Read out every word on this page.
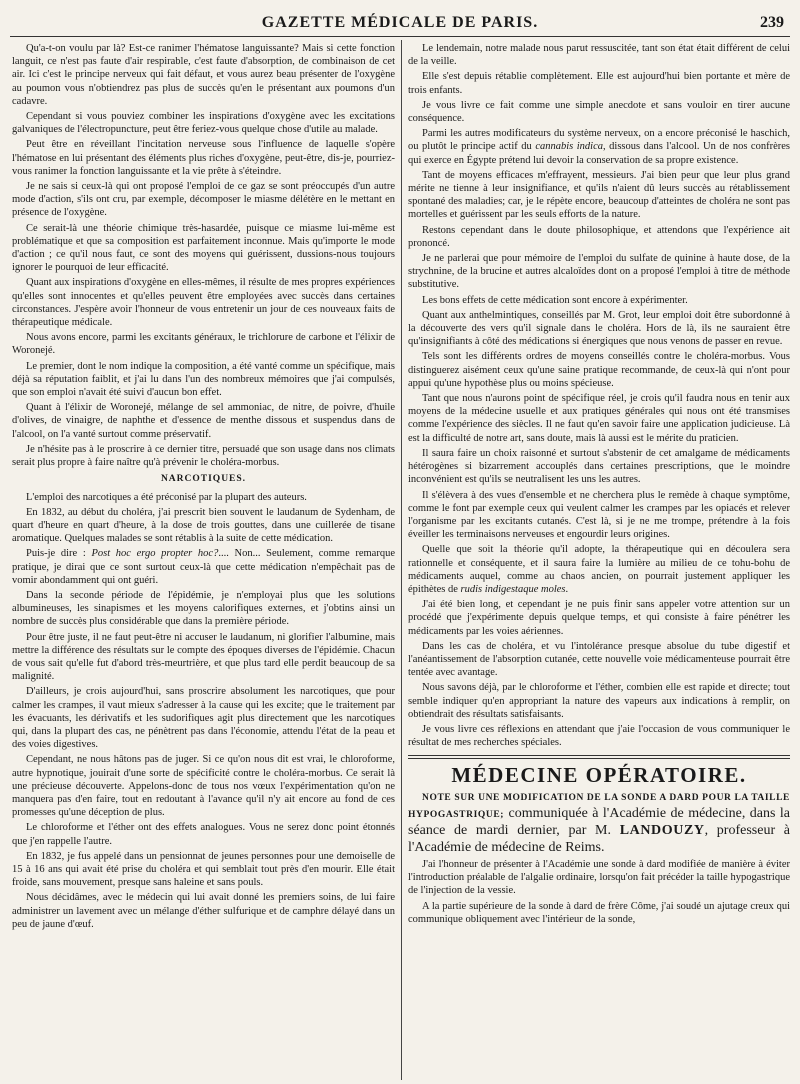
GAZETTE MÉDICALE DE PARIS.	239

Qu'a-t-on voulu par là? Est-ce ranimer l'hématose languissante? Mais si cette fonction languit, ce n'est pas faute d'air respirable, c'est faute d'absorption, de combinaison de cet air. Ici c'est le principe nerveux qui fait défaut, et vous aurez beau présenter de l'oxygène au poumon vous n'obtiendrez pas plus de succès qu'en le présentant aux poumons d'un cadavre.

Cependant si vous pouviez combiner les inspirations d'oxygène avec les excitations galvaniques de l'électropuncture, peut être feriez-vous quelque chose d'utile au malade.

Peut être en réveillant l'incitation nerveuse sous l'influence de laquelle s'opère l'hématose en lui présentant des éléments plus riches d'oxygène, peut-être, dis-je, pourriez-vous ranimer la fonction languissante et la vie prête à s'éteindre.

Je ne sais si ceux-là qui ont proposé l'emploi de ce gaz se sont préoccupés d'un autre mode d'action, s'ils ont cru, par exemple, décomposer le miasme délétère en le mettant en présence de l'oxygène.

Ce serait-là une théorie chimique très-hasardée, puisque ce miasme lui-même est problématique et que sa composition est parfaitement inconnue. Mais qu'importe le mode d'action ; ce qu'il nous faut, ce sont des moyens qui guérissent, dussions-nous toujours ignorer le pourquoi de leur efficacité.

Quant aux inspirations d'oxygène en elles-mêmes, il résulte de mes propres expériences qu'elles sont innocentes et qu'elles peuvent être employées avec succès dans certaines circonstances. J'espère avoir l'honneur de vous entretenir un jour de ces nouveaux faits de thérapeutique médicale.

Nous avons encore, parmi les excitants généraux, le trichlorure de carbone et l'élixir de Woronejé.

Le premier, dont le nom indique la composition, a été vanté comme un spécifique, mais déjà sa réputation faiblit, et j'ai lu dans l'un des nombreux mémoires que j'ai compulsés, que son emploi n'avait été suivi d'aucun bon effet.

Quant à l'élixir de Woronejé, mélange de sel ammoniac, de nitre, de poivre, d'huile d'olives, de vinaigre, de naphthe et d'essence de menthe dissous et suspendus dans de l'alcool, on l'a vanté surtout comme préservatif.

Je n'hésite pas à le proscrire à ce dernier titre, persuadé que son usage dans nos climats serait plus propre à faire naître qu'à prévenir le choléra-morbus.

NARCOTIQUES.

L'emploi des narcotiques a été préconisé par la plupart des auteurs.

En 1832, au début du choléra, j'ai prescrit bien souvent le laudanum de Sydenham, de quart d'heure en quart d'heure, à la dose de trois gouttes, dans une cuillerée de tisane aromatique. Quelques malades se sont rétablis à la suite de cette médication.

Puis-je dire : Post hoc ergo propter hoc?.... Non... Seulement, comme remarque pratique, je dirai que ce sont surtout ceux-là que cette médication n'empêchait pas de vomir abondamment qui ont guéri.

Dans la seconde période de l'épidémie, je n'employai plus que les solutions albumineuses, les sinapismes et les moyens calorifiques externes, et j'obtins ainsi un nombre de succès plus considérable que dans la première période.

Pour être juste, il ne faut peut-être ni accuser le laudanum, ni glorifier l'albumine, mais mettre la différence des résultats sur le compte des époques diverses de l'épidémie. Chacun de vous sait qu'elle fut d'abord très-meurtrière, et que plus tard elle perdit beaucoup de sa malignité.

D'ailleurs, je crois aujourd'hui, sans proscrire absolument les narcotiques, que pour calmer les crampes, il vaut mieux s'adresser à la cause qui les excite; que le traitement par les évacuants, les dérivatifs et les sudorifiques agit plus directement que les narcotiques qui, dans la plupart des cas, ne pénètrent pas dans l'économie, attendu l'état de la peau et des voies digestives.

Cependant, ne nous hâtons pas de juger. Si ce qu'on nous dit est vrai, le chloroforme, autre hypnotique, jouirait d'une sorte de spécificité contre le choléra-morbus. Ce serait là une précieuse découverte. Appelons-donc de tous nos vœux l'expérimentation qu'on ne manquera pas d'en faire, tout en redoutant à l'avance qu'il n'y ait encore au fond de ces promesses qu'une déception de plus.

Le chloroforme et l'éther ont des effets analogues. Vous ne serez donc point étonnés que j'en rappelle l'autre.

En 1832, je fus appelé dans un pensionnat de jeunes personnes pour une demoiselle de 15 à 16 ans qui avait été prise du choléra et qui semblait tout près d'en mourir. Elle était froide, sans mouvement, presque sans haleine et sans pouls.

Nous décidâmes, avec le médecin qui lui avait donné les premiers soins, de lui faire administrer un lavement avec un mélange d'éther sulfurique et de camphre délayé dans un peu de jaune d'œuf.

Le lendemain, notre malade nous parut ressuscitée, tant son état était différent de celui de la veille.

Elle s'est depuis rétablie complètement. Elle est aujourd'hui bien portante et mère de trois enfants.

Je vous livre ce fait comme une simple anecdote et sans vouloir en tirer aucune conséquence.

Parmi les autres modificateurs du système nerveux, on a encore préconisé le haschich, ou plutôt le principe actif du cannabis indica, dissous dans l'alcool. Un de nos confrères qui exerce en Égypte prétend lui devoir la conservation de sa propre existence.

Tant de moyens efficaces m'effrayent, messieurs. J'ai bien peur que leur plus grand mérite ne tienne à leur insignifiance, et qu'ils n'aient dû leurs succès au rétablissement spontané des maladies; car, je le répète encore, beaucoup d'atteintes de choléra ne sont pas mortelles et guérissent par les seuls efforts de la nature.

Restons cependant dans le doute philosophique, et attendons que l'expérience ait prononcé.

Je ne parlerai que pour mémoire de l'emploi du sulfate de quinine à haute dose, de la strychnine, de la brucine et autres alcaloïdes dont on a proposé l'emploi à titre de méthode substitutive.

Les bons effets de cette médication sont encore à expérimenter.

Quant aux anthelmintiques, conseillés par M. Grot, leur emploi doit être subordonné à la découverte des vers qu'il signale dans le choléra. Hors de là, ils ne sauraient être qu'insignifiants à côté des médications si énergiques que nous venons de passer en revue.

Tels sont les différents ordres de moyens conseillés contre le choléra-morbus. Vous distinguerez aisément ceux qu'une saine pratique recommande, de ceux-là qui n'ont pour appui qu'une hypothèse plus ou moins spécieuse.

Tant que nous n'aurons point de spécifique réel, je crois qu'il faudra nous en tenir aux moyens de la médecine usuelle et aux pratiques générales qui nous ont été transmises comme l'expérience des siècles. Il ne faut qu'en savoir faire une application judicieuse. Là est la difficulté de notre art, sans doute, mais là aussi est le mérite du praticien.

Il saura faire un choix raisonné et surtout s'abstenir de cet amalgame de médicaments hétérogènes si bizarrement accouplés dans certaines prescriptions, que le moindre inconvénient est qu'ils se neutralisent les uns les autres.

Il s'élèvera à des vues d'ensemble et ne cherchera plus le remède à chaque symptôme, comme le font par exemple ceux qui veulent calmer les crampes par les opiacés et relever l'organisme par les excitants cutanés. C'est là, si je ne me trompe, prétendre à la fois éveiller les terminaisons nerveuses et engourdir leurs origines.

Quelle que soit la théorie qu'il adopte, la thérapeutique qui en découlera sera rationnelle et conséquente, et il saura faire la lumière au milieu de ce tohu-bohu de médicaments auquel, comme au chaos ancien, on pourrait justement appliquer les épithètes de rudis indigestaque moles.

J'ai été bien long, et cependant je ne puis finir sans appeler votre attention sur un procédé que j'expérimente depuis quelque temps, et qui consiste à faire pénétrer les médicaments par les voies aériennes.

Dans les cas de choléra, et vu l'intolérance presque absolue du tube digestif et l'anéantissement de l'absorption cutanée, cette nouvelle voie médicamenteuse pourrait être tentée avec avantage.

Nous savons déjà, par le chloroforme et l'éther, combien elle est rapide et directe; tout semble indiquer qu'en appropriant la nature des vapeurs aux indications à remplir, on obtiendrait des résultats satisfaisants.

Je vous livre ces réflexions en attendant que j'aie l'occasion de vous communiquer le résultat de mes recherches spéciales.

MÉDECINE OPÉRATOIRE.

NOTE SUR UNE MODIFICATION DE LA SONDE A DARD POUR LA TAILLE HYPOGASTRIQUE; communiquée à l'Académie de médecine, dans la séance de mardi dernier, par M. LANDOUZY, professeur à l'Académie de médecine de Reims.

J'ai l'honneur de présenter à l'Académie une sonde à dard modifiée de manière à éviter l'introduction préalable de l'algalie ordinaire, lorsqu'on fait précéder la taille hypogastrique de l'injection de la vessie.

A la partie supérieure de la sonde à dard de frère Côme, j'ai soudé un ajutage creux qui communique obliquement avec l'intérieur de la sonde,
